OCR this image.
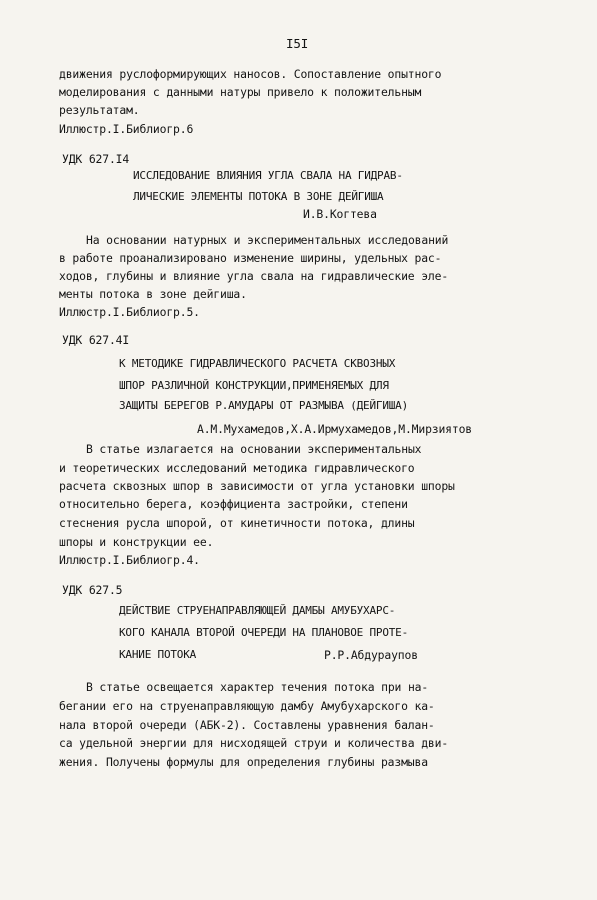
I5I
движения руслоформирующих наносов. Сопоставление опытного
моделирования с данными натуры привело к положительным
результатам.
Иллюстр.I.Библиогр.6
УДК 627.I4
ИССЛЕДОВАНИЕ ВЛИЯНИЯ УГЛА СВАЛА НА ГИДРАВ-
ЛИЧЕСКИЕ ЭЛЕМЕНТЫ ПОТОКА В ЗОНЕ ДЕЙГИША
И.В.Когтева
На основании натурных и экспериментальных исследований
в работе проанализировано изменение ширины, удельных рас-
ходов, глубины и влияние угла свала на гидравлические эле-
менты потока в зоне дейгиша.
Иллюстр.I.Библиогр.5.
УДК 627.4I
К МЕТОДИКЕ ГИДРАВЛИЧЕСКОГО РАСЧЕТА СКВОЗНЫХ
ШПОР РАЗЛИЧНОЙ КОНСТРУКЦИИ,ПРИМЕНЯЕМЫХ ДЛЯ
ЗАЩИТЫ БЕРЕГОВ Р.АМУДАРЫ ОТ РАЗМЫВА (ДЕЙГИША)
А.М.Мухамедов,Х.А.Ирмухамедов,М.Мирзиятов
В статье излагается на основании экспериментальных
и теоретических исследований методика гидравлического
расчета сквозных шпор в зависимости от угла установки шпоры
относительно берега, коэффициента застройки, степени
стеснения русла шпорой, от кинетичности потока, длины
шпоры и конструкции ее.
Иллюстр.I.Библиогр.4.
УДК 627.5
ДЕЙСТВИЕ СТРУЕНАПРАВЛЯЮЩЕЙ ДАМБЫ АМУБУХАРС-
КОГО КАНАЛА ВТОРОЙ ОЧЕРЕДИ НА ПЛАНОВОЕ ПРОТЕ-
КАНИЕ ПОТОКА	Р.Р.Абдураупов
В статье освещается характер течения потока при на-
бегании его на струенаправляющую дамбу Амубухарского ка-
нала второй очереди (АБК-2). Составлены уравнения балан-
са удельной энергии для нисходящей струи и количества дви-
жения. Получены формулы для определения глубины размыва
